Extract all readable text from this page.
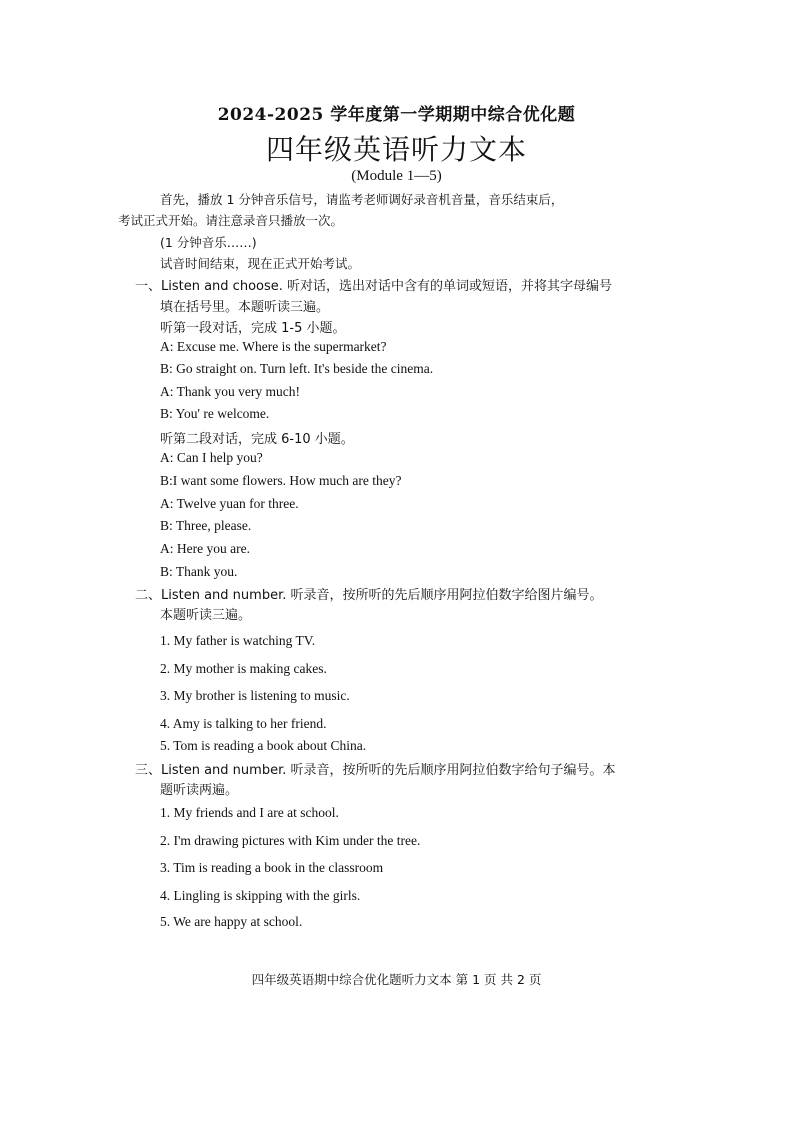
2024-2025 学年度第一学期期中综合优化题
四年级英语听力文本
(Module 1—5)
首先，播放 1 分钟音乐信号，请监考老师调好录音机音量，音乐结束后，
考试正式开始。请注意录音只播放一次。
(1 分钟音乐……)
试音时间结束，现在正式开始考试。
一、Listen and choose. 听对话，选出对话中含有的单词或短语，并将其字母编号
填在括号里。本题听读三遍。
听第一段对话，完成 1-5 小题。
A: Excuse me. Where is the supermarket?
B: Go straight on. Turn left. It's beside the cinema.
A: Thank you very much!
B: You' re welcome.
听第二段对话，完成 6-10 小题。
A: Can I help you?
B:I want some flowers. How much are they?
A: Twelve yuan for three.
B: Three, please.
A: Here you are.
B: Thank you.
二、Listen and number. 听录音，按所听的先后顺序用阿拉伯数字给图片编号。
本题听读三遍。
1. My father is watching TV.
2. My mother is making cakes.
3. My brother is listening to music.
4. Amy is talking to her friend.
5. Tom is reading a book about China.
三、Listen and number. 听录音，按所听的先后顺序用阿拉伯数字给句子编号。本
题听读两遍。
1. My friends and I are at school.
2. I'm drawing pictures with Kim under the tree.
3. Tim is reading a book in the classroom
4. Lingling is skipping with the girls.
5. We are happy at school.
四年级英语期中综合优化题听力文本 第 1 页 共 2 页
